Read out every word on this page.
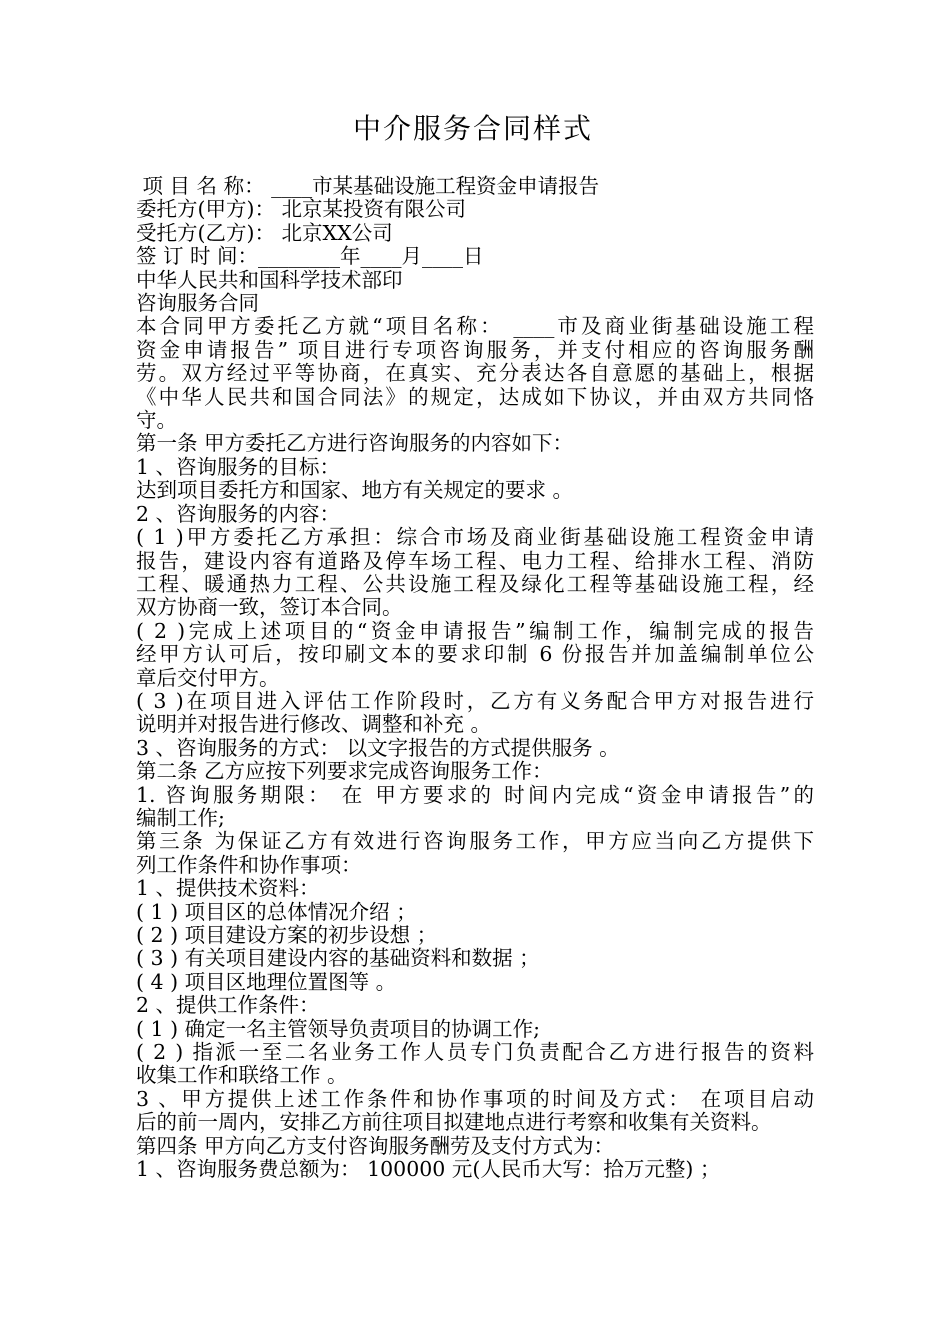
中介服务合同样式

项 目 名 称： ____市某基础设施工程资金申请报告

委托方(甲方)： 北京某投资有限公司

受托方(乙方)： 北京XX公司

签 订 时 间：________年____月____日

中华人民共和国科学技术部印

咨询服务合同

本合同甲方委托乙方就“项目名称： ____市及商业街基础设施工程

资金申请报告” 项目进行专项咨询服务，并支付相应的咨询服务酬

劳。双方经过平等协商，在真实、充分表达各自意愿的基础上，根据

《中华人民共和国合同法》的规定，达成如下协议，并由双方共同恪

守。

第一条 甲方委托乙方进行咨询服务的内容如下：

1 、咨询服务的目标：

达到项目委托方和国家、地方有关规定的要求 。

2 、咨询服务的内容：

( 1 )甲方委托乙方承担：综合市场及商业街基础设施工程资金申请

报告，建设内容有道路及停车场工程、电力工程、给排水工程、消防

工程、暖通热力工程、公共设施工程及绿化工程等基础设施工程，经

双方协商一致，签订本合同。

( 2 )完成上述项目的“资金申请报告”编制工作，编制完成的报告

经甲方认可后，按印刷文本的要求印制 6 份报告并加盖编制单位公

章后交付甲方。

( 3 )在项目进入评估工作阶段时，乙方有义务配合甲方对报告进行

说明并对报告进行修改、调整和补充 。

3 、咨询服务的方式： 以文字报告的方式提供服务 。

第二条 乙方应按下列要求完成咨询服务工作：

1. 咨询服务期限： 在 甲方要求的 时间内完成“资金申请报告”的

编制工作;

第三条 为保证乙方有效进行咨询服务工作，甲方应当向乙方提供下

列工作条件和协作事项：

1 、提供技术资料：

( 1 ) 项目区的总体情况介绍 ；

( 2 ) 项目建设方案的初步设想 ；

( 3 ) 有关项目建设内容的基础资料和数据 ；

( 4 ) 项目区地理位置图等 。

2 、提供工作条件：

( 1 ) 确定一名主管领导负责项目的协调工作;

( 2 ) 指派一至二名业务工作人员专门负责配合乙方进行报告的资料

收集工作和联络工作 。

3 、甲方提供上述工作条件和协作事项的时间及方式： 在项目启动

后的前一周内，安排乙方前往项目拟建地点进行考察和收集有关资料。

第四条 甲方向乙方支付咨询服务酬劳及支付方式为：

1 、咨询服务费总额为： 100000 元(人民币大写：拾万元整) ；
